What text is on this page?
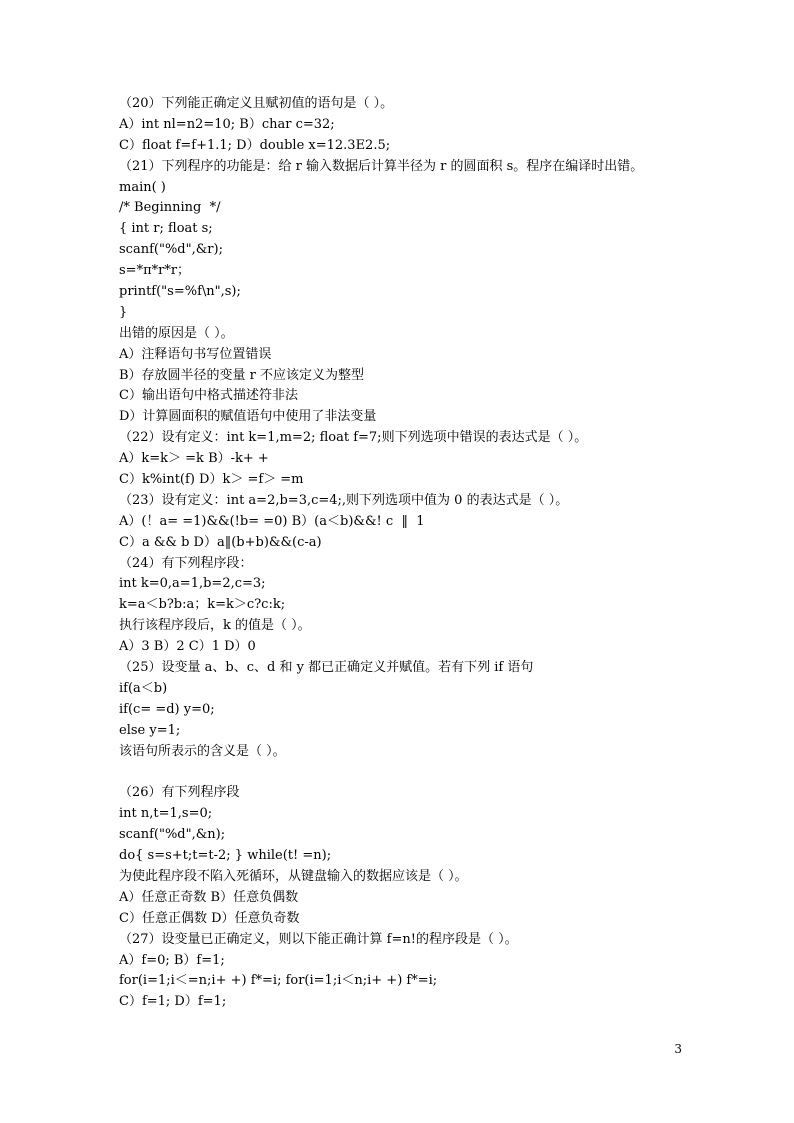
（20）下列能正确定义且赋初值的语句是（ ）。
A）int nl=n2=10; B）char c=32;
C）float f=f+1.1; D）double x=12.3E2.5;
（21）下列程序的功能是：给 r 输入数据后计算半径为 r 的圆面积 s。程序在编译时出错。
main( )
/* Beginning  */
{ int r; float s;
scanf("%d",&r);
s=*π*r*r；
printf("s=%f\n",s);
}
出错的原因是（ ）。
A）注释语句书写位置错误
B）存放圆半径的变量 r 不应该定义为整型
C）输出语句中格式描述符非法
D）计算圆面积的赋值语句中使用了非法变量
（22）设有定义：int k=1,m=2; float f=7;则下列选项中错误的表达式是（ ）。
A）k=k＞ =k B）-k+ +
C）k%int(f) D）k＞ =f＞ =m
（23）设有定义：int a=2,b=3,c=4;,则下列选项中值为 0 的表达式是（ ）。
A）(！a= =1)&&(!b= =0) B）(a＜b)&&! c  ‖  1
C）a && b D）a‖(b+b)&&(c-a)
（24）有下列程序段：
int k=0,a=1,b=2,c=3;
k=a＜b?b:a；k=k＞c?c:k;
执行该程序段后，k 的值是（ ）。
A）3 B）2 C）1 D）0
（25）设变量 a、b、c、d 和 y 都已正确定义并赋值。若有下列 if 语句
if(a＜b)
if(c= =d) y=0;
else y=1;
该语句所表示的含义是（ ）。
（26）有下列程序段
int n,t=1,s=0;
scanf("%d",&n);
do{ s=s+t;t=t-2; } while(t! =n);
为使此程序段不陷入死循环，从键盘输入的数据应该是（ ）。
A）任意正奇数 B）任意负偶数
C）任意正偶数 D）任意负奇数
（27）设变量已正确定义，则以下能正确计算 f=n!的程序段是（ ）。
A）f=0; B）f=1;
for(i=1;i＜=n;i+ +) f*=i; for(i=1;i＜n;i+ +) f*=i;
C）f=1; D）f=1;
3
